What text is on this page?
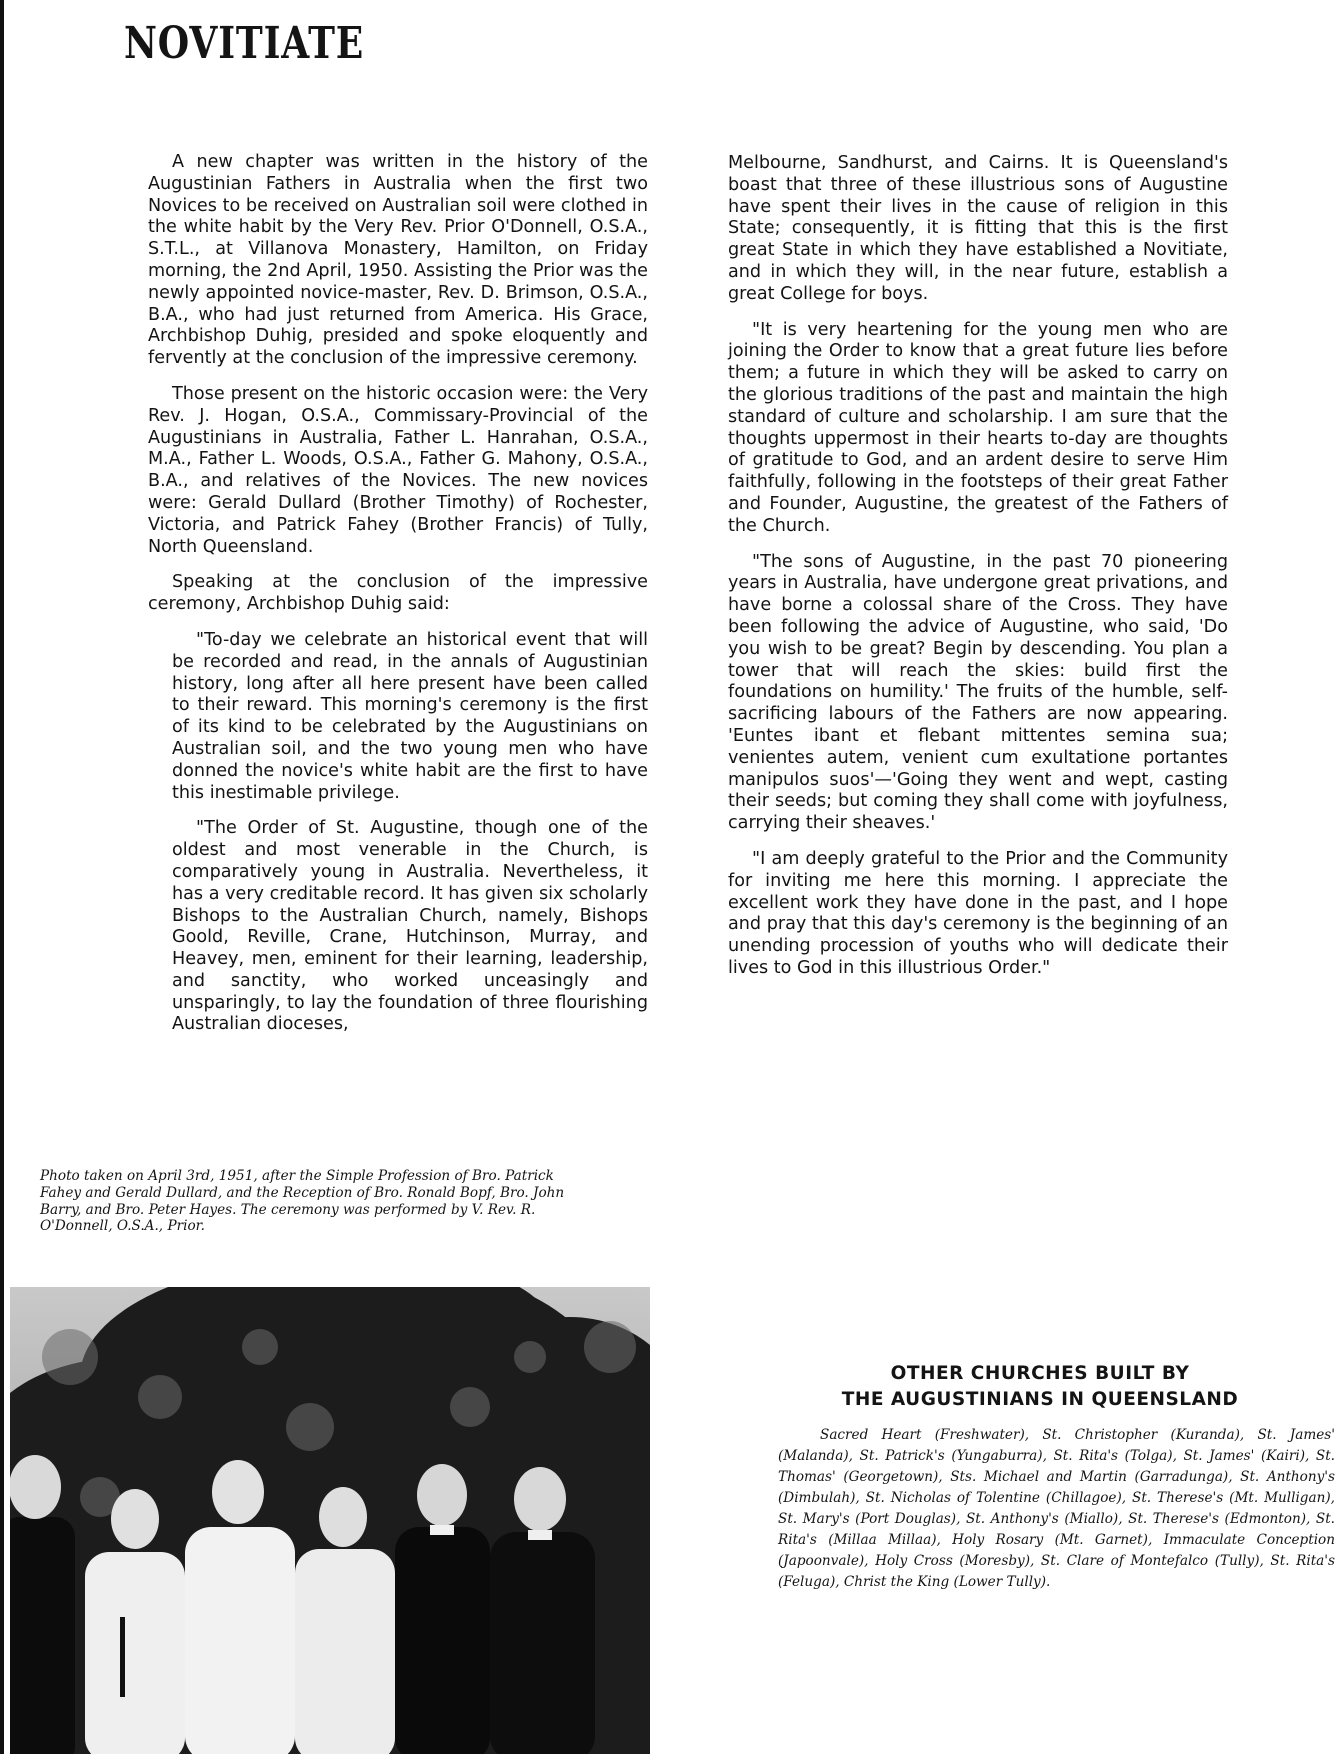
NOVITIATE

A new chapter was written in the history of the Augustinian Fathers in Australia when the first two Novices to be received on Australian soil were clothed in the white habit by the Very Rev. Prior O'Donnell, O.S.A., S.T.L., at Villanova Monastery, Hamilton, on Friday morning, the 2nd April, 1950. Assisting the Prior was the newly appointed novice-master, Rev. D. Brimson, O.S.A., B.A., who had just returned from America. His Grace, Archbishop Duhig, presided and spoke eloquently and fervently at the conclusion of the impressive ceremony.

Those present on the historic occasion were: the Very Rev. J. Hogan, O.S.A., Commissary-Provincial of the Augustinians in Australia, Father L. Hanrahan, O.S.A., M.A., Father L. Woods, O.S.A., Father G. Mahony, O.S.A., B.A., and relatives of the Novices. The new novices were: Gerald Dullard (Brother Timothy) of Rochester, Victoria, and Patrick Fahey (Brother Francis) of Tully, North Queensland.

Speaking at the conclusion of the impressive ceremony, Archbishop Duhig said:

"To-day we celebrate an historical event that will be recorded and read, in the annals of Augustinian history, long after all here present have been called to their reward. This morning's ceremony is the first of its kind to be celebrated by the Augustinians on Australian soil, and the two young men who have donned the novice's white habit are the first to have this inestimable privilege.

"The Order of St. Augustine, though one of the oldest and most venerable in the Church, is comparatively young in Australia. Nevertheless, it has a very creditable record. It has given six scholarly Bishops to the Australian Church, namely, Bishops Goold, Reville, Crane, Hutchinson, Murray, and Heavey, men, eminent for their learning, leadership, and sanctity, who worked unceasingly and unsparingly, to lay the foundation of three flourishing Australian dioceses,

Melbourne, Sandhurst, and Cairns. It is Queensland's boast that three of these illustrious sons of Augustine have spent their lives in the cause of religion in this State; consequently, it is fitting that this is the first great State in which they have established a Novitiate, and in which they will, in the near future, establish a great College for boys.

"It is very heartening for the young men who are joining the Order to know that a great future lies before them; a future in which they will be asked to carry on the glorious traditions of the past and maintain the high standard of culture and scholarship. I am sure that the thoughts uppermost in their hearts to-day are thoughts of gratitude to God, and an ardent desire to serve Him faithfully, following in the footsteps of their great Father and Founder, Augustine, the greatest of the Fathers of the Church.

"The sons of Augustine, in the past 70 pioneering years in Australia, have undergone great privations, and have borne a colossal share of the Cross. They have been following the advice of Augustine, who said, 'Do you wish to be great? Begin by descending. You plan a tower that will reach the skies: build first the foundations on humility.' The fruits of the humble, self-sacrificing labours of the Fathers are now appearing. 'Euntes ibant et flebant mittentes semina sua; venientes autem, venient cum exultatione portantes manipulos suos'—'Going they went and wept, casting their seeds; but coming they shall come with joyfulness, carrying their sheaves.'

"I am deeply grateful to the Prior and the Community for inviting me here this morning. I appreciate the excellent work they have done in the past, and I hope and pray that this day's ceremony is the beginning of an unending procession of youths who will dedicate their lives to God in this illustrious Order."

Photo taken on April 3rd, 1951, after the Simple Profession of Bro. Patrick Fahey and Gerald Dullard, and the Reception of Bro. Ronald Bopf, Bro. John Barry, and Bro. Peter Hayes. The ceremony was performed by V. Rev. R. O'Donnell, O.S.A., Prior.

OTHER CHURCHES BUILT BY
THE AUGUSTINIANS IN QUEENSLAND

Sacred Heart (Freshwater), St. Christopher (Kuranda), St. James' (Malanda), St. Patrick's (Yungaburra), St. Rita's (Tolga), St. James' (Kairi), St. Thomas' (Georgetown), Sts. Michael and Martin (Garradunga), St. Anthony's (Dimbulah), St. Nicholas of Tolentine (Chillagoe), St. Therese's (Mt. Mulligan), St. Mary's (Port Douglas), St. Anthony's (Miallo), St. Therese's (Edmonton), St. Rita's (Millaa Millaa), Holy Rosary (Mt. Garnet), Immaculate Conception (Japoonvale), Holy Cross (Moresby), St. Clare of Montefalco (Tully), St. Rita's (Feluga), Christ the King (Lower Tully).
